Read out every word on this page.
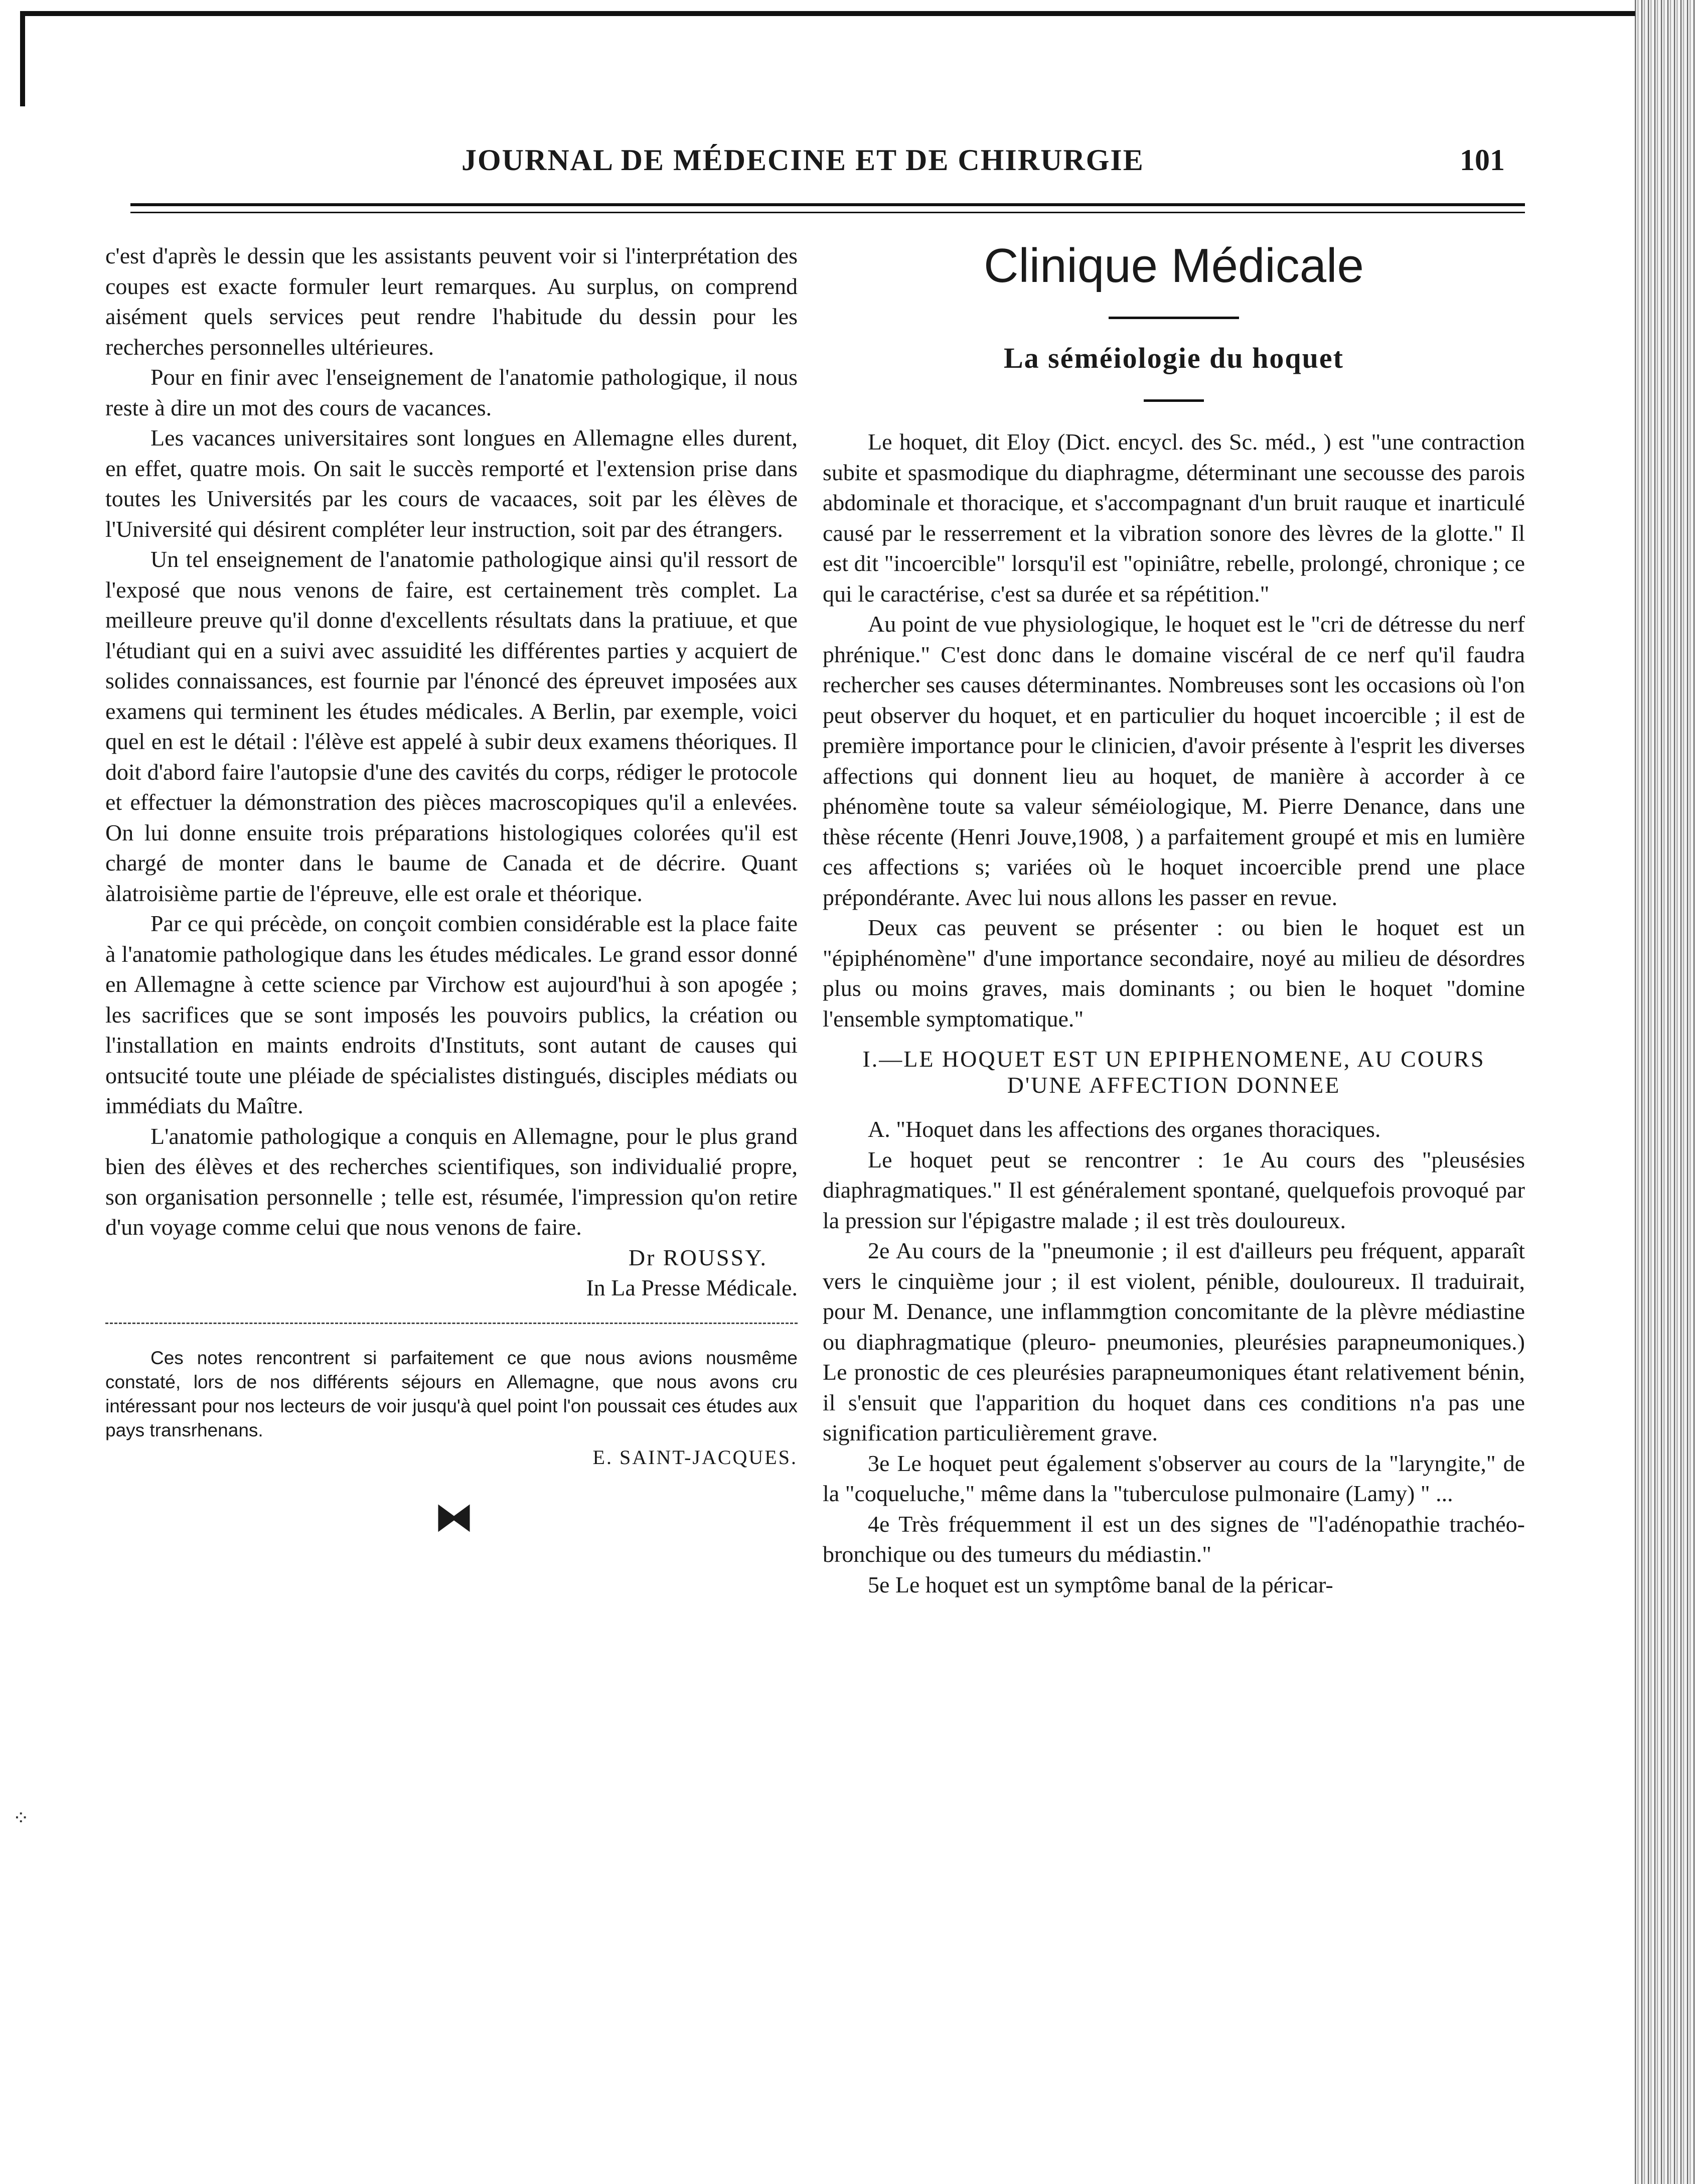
⁘
JOURNAL DE MÉDECINE ET DE CHIRURGIE	101

c'est d'après le dessin que les assistants peuvent voir si l'interprétation des coupes est exacte formuler leurt remarques. Au surplus, on comprend aisément quels services peut rendre l'habitude du dessin pour les recherches personnelles ultérieures.

Pour en finir avec l'enseignement de l'anatomie pathologique, il nous reste à dire un mot des cours de vacances.

Les vacances universitaires sont longues en Allemagne elles durent, en effet, quatre mois. On sait le succès remporté et l'extension prise dans toutes les Universités par les cours de vacaaces, soit par les élèves de l'Université qui désirent compléter leur instruction, soit par des étrangers.

Un tel enseignement de l'anatomie pathologique ainsi qu'il ressort de l'exposé que nous venons de faire, est certainement très complet. La meilleure preuve qu'il donne d'excellents résultats dans la pratiuue, et que l'étudiant qui en a suivi avec assuidité les différentes parties y acquiert de solides connaissances, est fournie par l'énoncé des épreuvet imposées aux examens qui terminent les études médicales. A Berlin, par exemple, voici quel en est le détail : l'élève est appelé à subir deux examens théoriques. Il doit d'abord faire l'autopsie d'une des cavités du corps, rédiger le protocole et effectuer la démonstration des pièces macroscopiques qu'il a enlevées. On lui donne ensuite trois préparations histologiques colorées qu'il est chargé de monter dans le baume de Canada et de décrire. Quant àlatroisième partie de l'épreuve, elle est orale et théorique.

Par ce qui précède, on conçoit combien considérable est la place faite à l'anatomie pathologique dans les études médicales. Le grand essor donné en Allemagne à cette science par Virchow est aujourd'hui à son apogée ; les sacrifices que se sont imposés les pouvoirs publics, la création ou l'installation en maints endroits d'Instituts, sont autant de causes qui ontsucité toute une pléiade de spécialistes distingués, disciples médiats ou immédiats du Maître.

L'anatomie pathologique a conquis en Allemagne, pour le plus grand bien des élèves et des recherches scientifiques, son individualié propre, son organisation personnelle ; telle est, résumée, l'impression qu'on retire d'un voyage comme celui que nous venons de faire.

Dr ROUSSY.

In La Presse Médicale.

Ces notes rencontrent si parfaitement ce que nous avions nousmême constaté, lors de nos différents séjours en Allemagne, que nous avons cru intéressant pour nos lecteurs de voir jusqu'à quel point l'on poussait ces études aux pays transrhenans.

E. SAINT-JACQUES.

⧓
Clinique Médicale
La séméiologie du hoquet

Le hoquet, dit Eloy (Dict. encycl. des Sc. méd., ) est "une contraction subite et spasmodique du diaphragme, déterminant une secousse des parois abdominale et thoracique, et s'accompagnant d'un bruit rauque et inarticulé causé par le resserrement et la vibration sonore des lèvres de la glotte." Il est dit "incoercible" lorsqu'il est "opiniâtre, rebelle, prolongé, chronique ; ce qui le caractérise, c'est sa durée et sa répétition."

Au point de vue physiologique, le hoquet est le "cri de détresse du nerf phrénique." C'est donc dans le domaine viscéral de ce nerf qu'il faudra rechercher ses causes déterminantes. Nombreuses sont les occasions où l'on peut observer du hoquet, et en particulier du hoquet incoercible ; il est de première importance pour le clinicien, d'avoir présente à l'esprit les diverses affections qui donnent lieu au hoquet, de manière à accorder à ce phénomène toute sa valeur séméiologique, M. Pierre Denance, dans une thèse récente (Henri Jouve,1908, ) a parfaitement groupé et mis en lumière ces affections s; variées où le hoquet incoercible prend une place prépondérante. Avec lui nous allons les passer en revue.

Deux cas peuvent se présenter : ou bien le hoquet est un "épiphénomène" d'une importance secondaire, noyé au milieu de désordres plus ou moins graves, mais dominants ; ou bien le hoquet "domine l'ensemble symptomatique."

I.—LE HOQUET EST UN EPIPHENOMENE, AU COURS D'UNE AFFECTION DONNEE

A. "Hoquet dans les affections des organes thoraciques.

Le hoquet peut se rencontrer : 1e Au cours des "pleusésies diaphragmatiques." Il est généralement spontané, quelquefois provoqué par la pression sur l'épigastre malade ; il est très douloureux.

2e Au cours de la "pneumonie ; il est d'ailleurs peu fréquent, apparaît vers le cinquième jour ; il est violent, pénible, douloureux. Il traduirait, pour M. Denance, une inflammgtion concomitante de la plèvre médiastine ou diaphragmatique (pleuro- pneumonies, pleurésies parapneumoniques.) Le pronostic de ces pleurésies parapneumoniques étant relativement bénin, il s'ensuit que l'apparition du hoquet dans ces conditions n'a pas une signification particulièrement grave.

3e Le hoquet peut également s'observer au cours de la "laryngite," de la "coqueluche," même dans la "tuberculose pulmonaire (Lamy) " ...

4e Très fréquemment il est un des signes de "l'adénopathie trachéo-bronchique ou des tumeurs du médiastin."

5e Le hoquet est un symptôme banal de la péricar-
